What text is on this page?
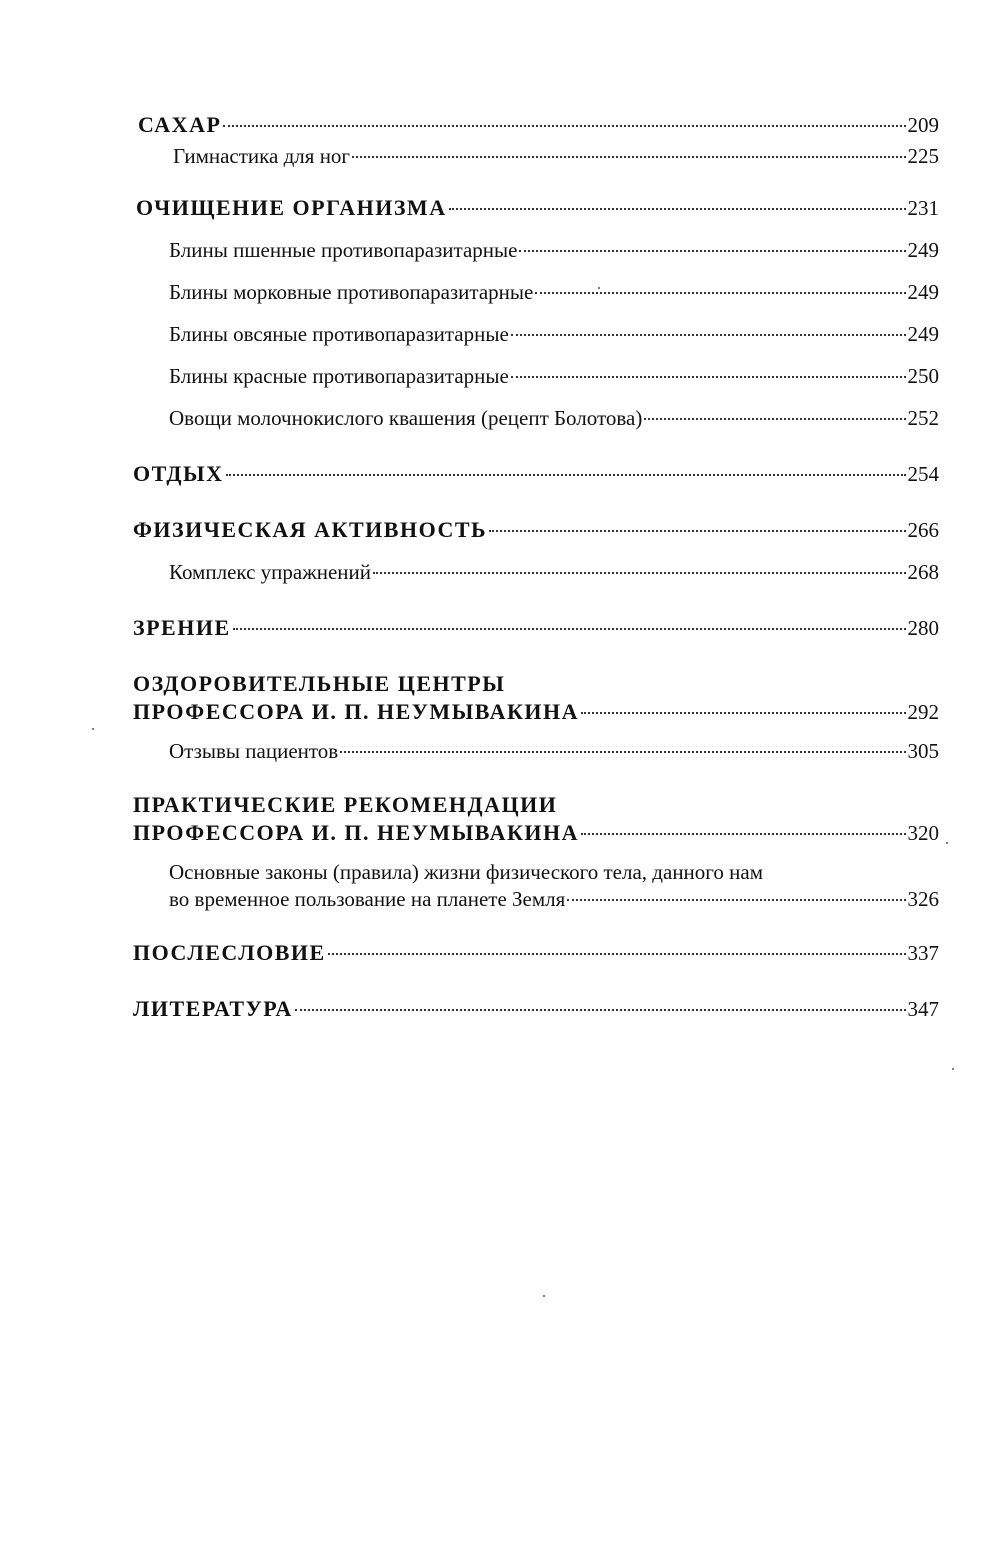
САХАР	209
Гимнастика для ног	225
ОЧИЩЕНИЕ ОРГАНИЗМА	231
Блины пшенные противопаразитарные	249
Блины морковные противопаразитарные	249
Блины овсяные противопаразитарные	249
Блины красные противопаразитарные	250
Овощи молочнокислого квашения (рецепт Болотова)	252
ОТДЫХ	254
ФИЗИЧЕСКАЯ АКТИВНОСТЬ	266
Комплекс упражнений	268
ЗРЕНИЕ	280
ОЗДОРОВИТЕЛЬНЫЕ ЦЕНТРЫ
ПРОФЕССОРА И. П. НЕУМЫВАКИНА	292
Отзывы пациентов	305
ПРАКТИЧЕСКИЕ РЕКОМЕНДАЦИИ
ПРОФЕССОРА И. П. НЕУМЫВАКИНА	320
Основные законы (правила) жизни физического тела, данного нам
во временное пользование на планете Земля	326
ПОСЛЕСЛОВИЕ	337
ЛИТЕРАТУРА	347
